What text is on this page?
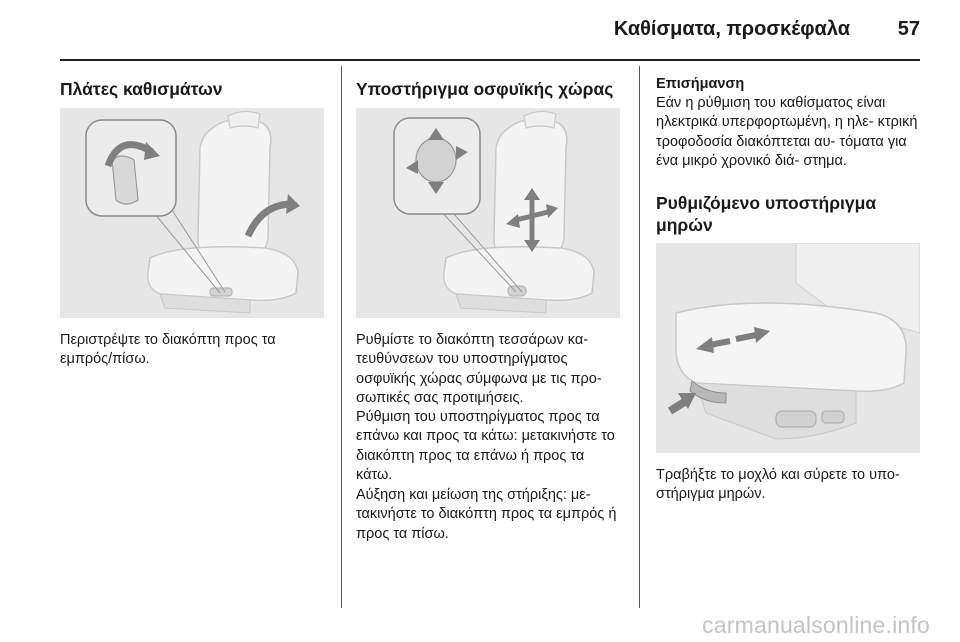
Καθίσματα, προσκέφαλα	57
Πλάτες καθισμάτων

Περιστρέψτε το διακόπτη προς τα εμπρός/πίσω.

Υποστήριγμα οσφυϊκής χώρας

Ρυθμίστε το διακόπτη τεσσάρων κα- τευθύνσεων του υποστηρίγματος οσφυϊκής χώρας σύμφωνα με τις προ- σωπικές σας προτιμήσεις.

Ρύθμιση του υποστηρίγματος προς τα επάνω και προς τα κάτω: μετακινήστε το διακόπτη προς τα επάνω ή προς τα κάτω.

Αύξηση και μείωση της στήριξης: με- τακινήστε το διακόπτη προς τα εμπρός ή προς τα πίσω.

Επισήμανση

Εάν η ρύθμιση του καθίσματος είναι ηλεκτρικά υπερφορτωμένη, η ηλε- κτρική τροφοδοσία διακόπτεται αυ- τόματα για ένα μικρό χρονικό διά- στημα.

Ρυθμιζόμενο υποστήριγμα μηρών

Τραβήξτε το μοχλό και σύρετε το υπο- στήριγμα μηρών.

carmanualsonline.info
